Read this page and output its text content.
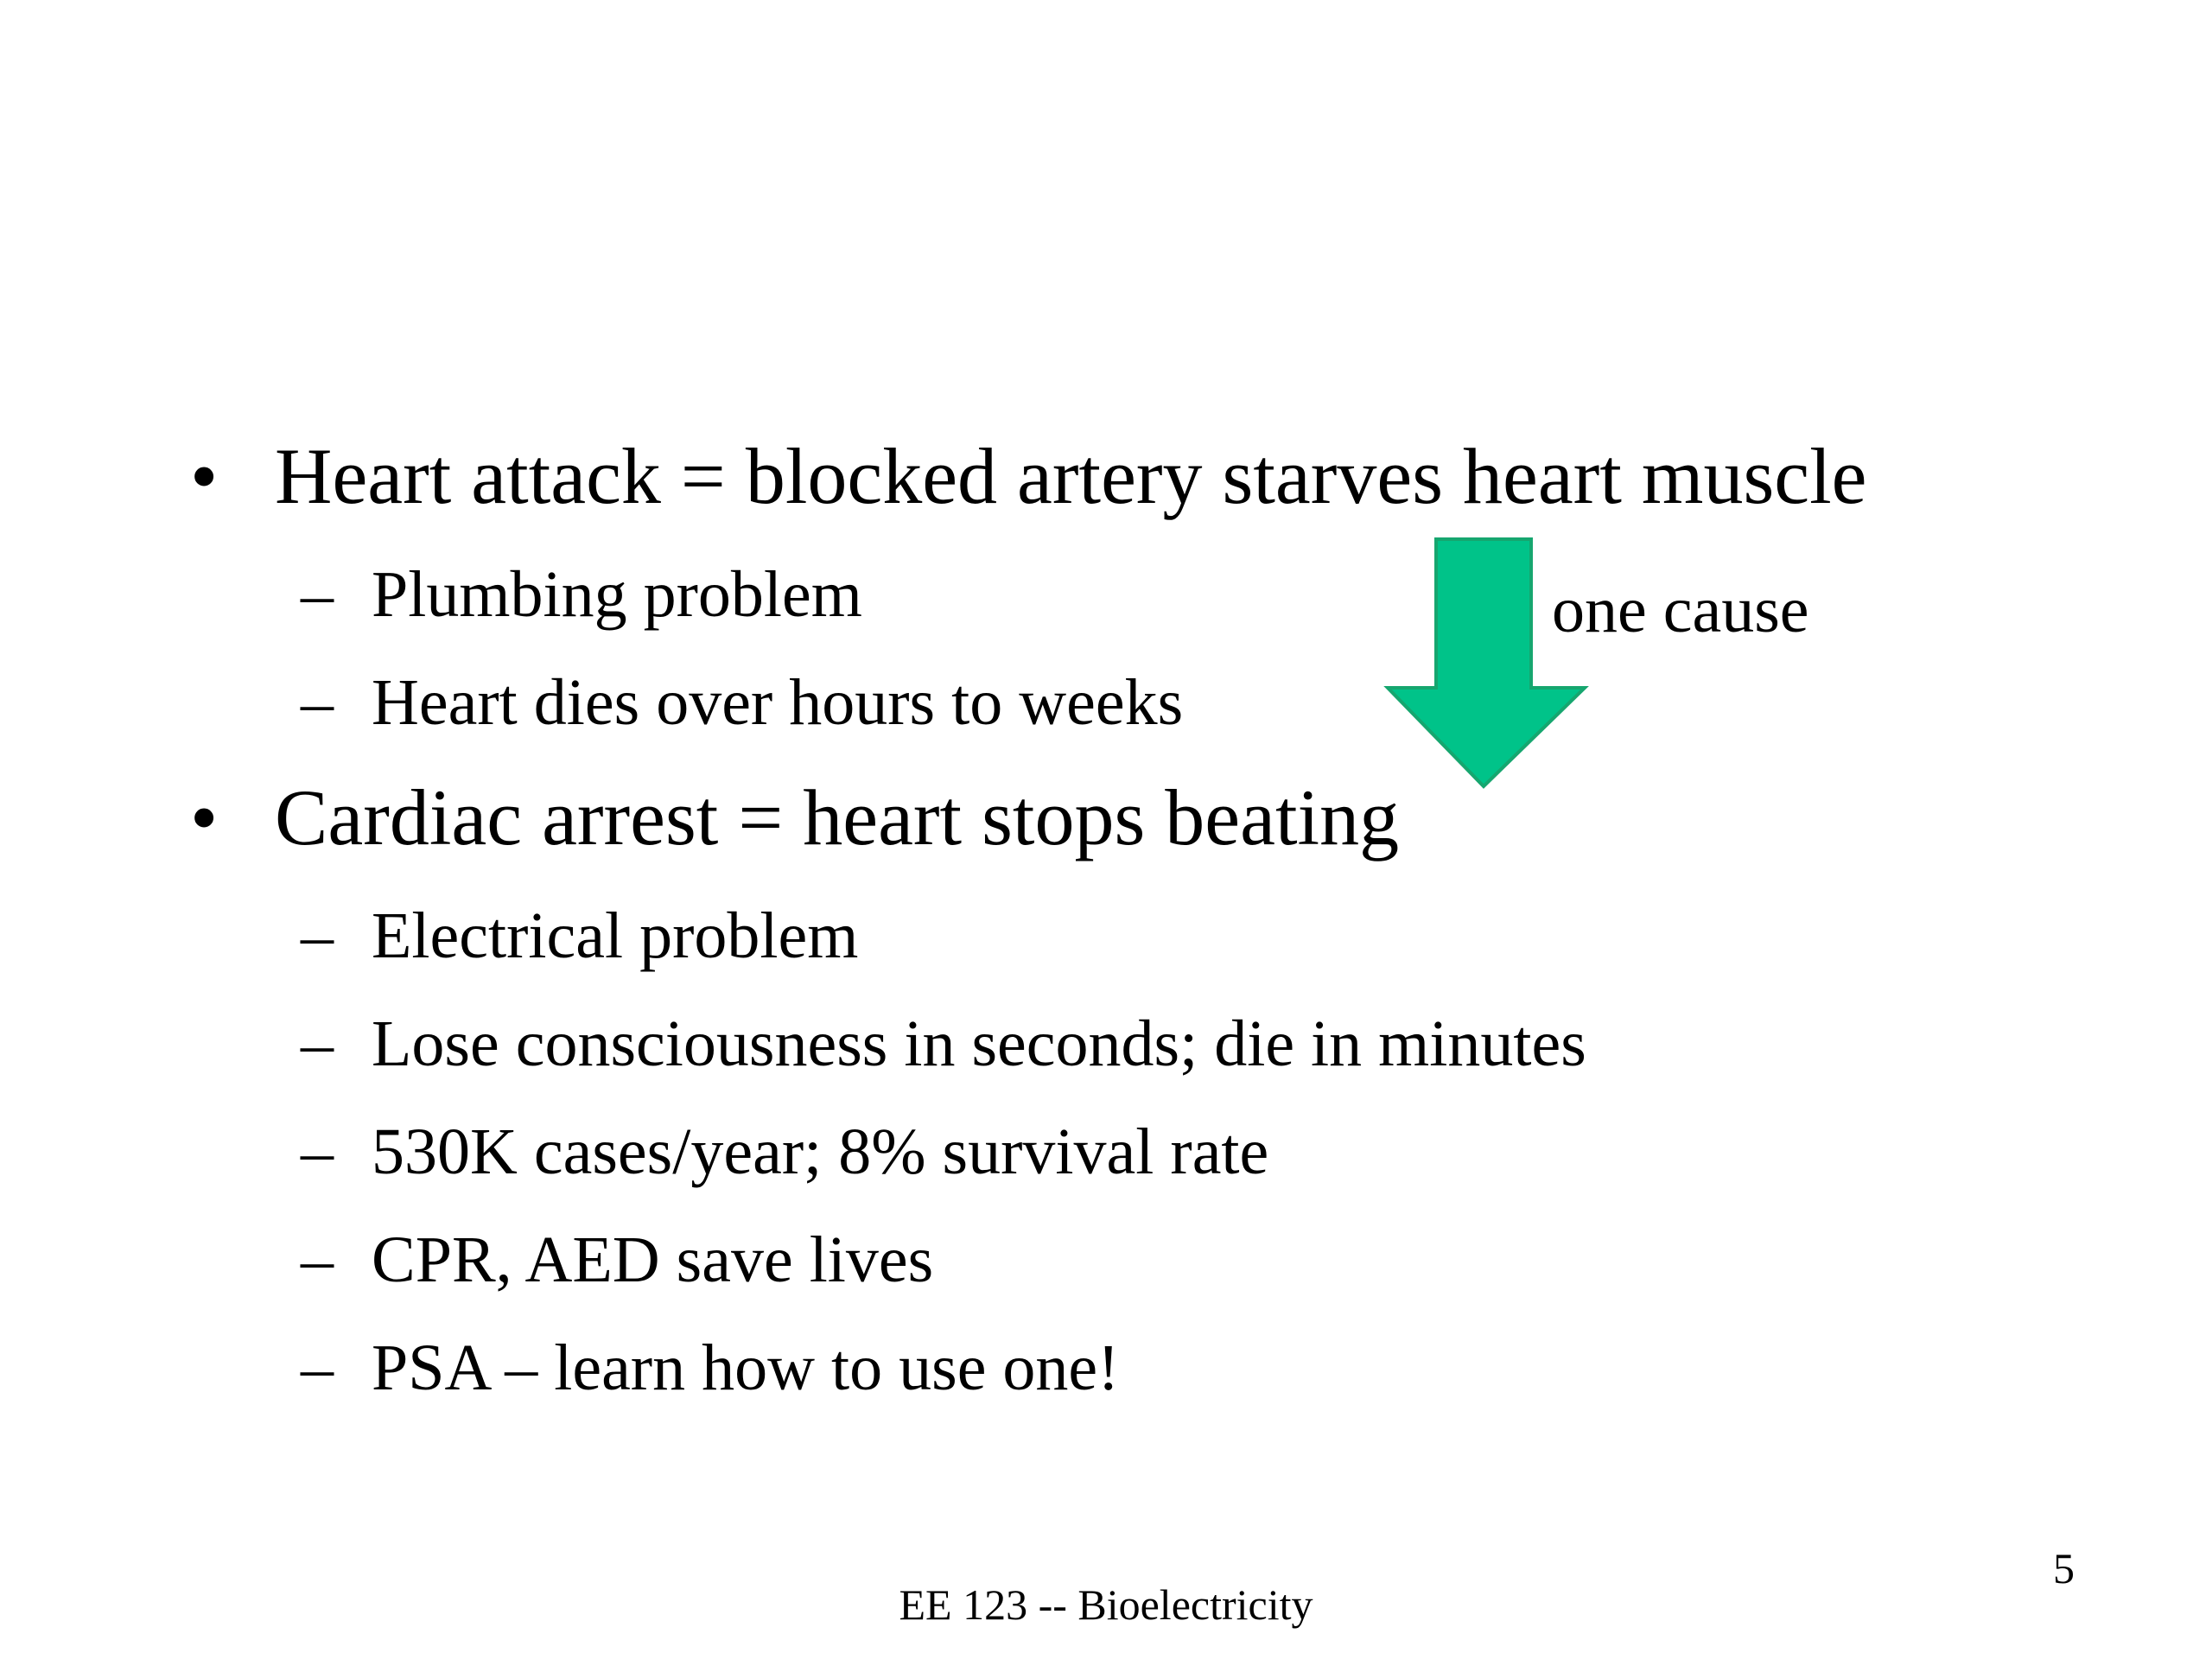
• Heart attack = blocked artery starves heart muscle
– Plumbing problem
– Heart dies over hours to weeks
• Cardiac arrest = heart stops beating
– Electrical problem
– Lose consciousness in seconds; die in minutes
– 530K cases/year; 8% survival rate
– CPR, AED save lives
– PSA – learn how to use one!
one cause
EE 123 -- Bioelectricity
5
